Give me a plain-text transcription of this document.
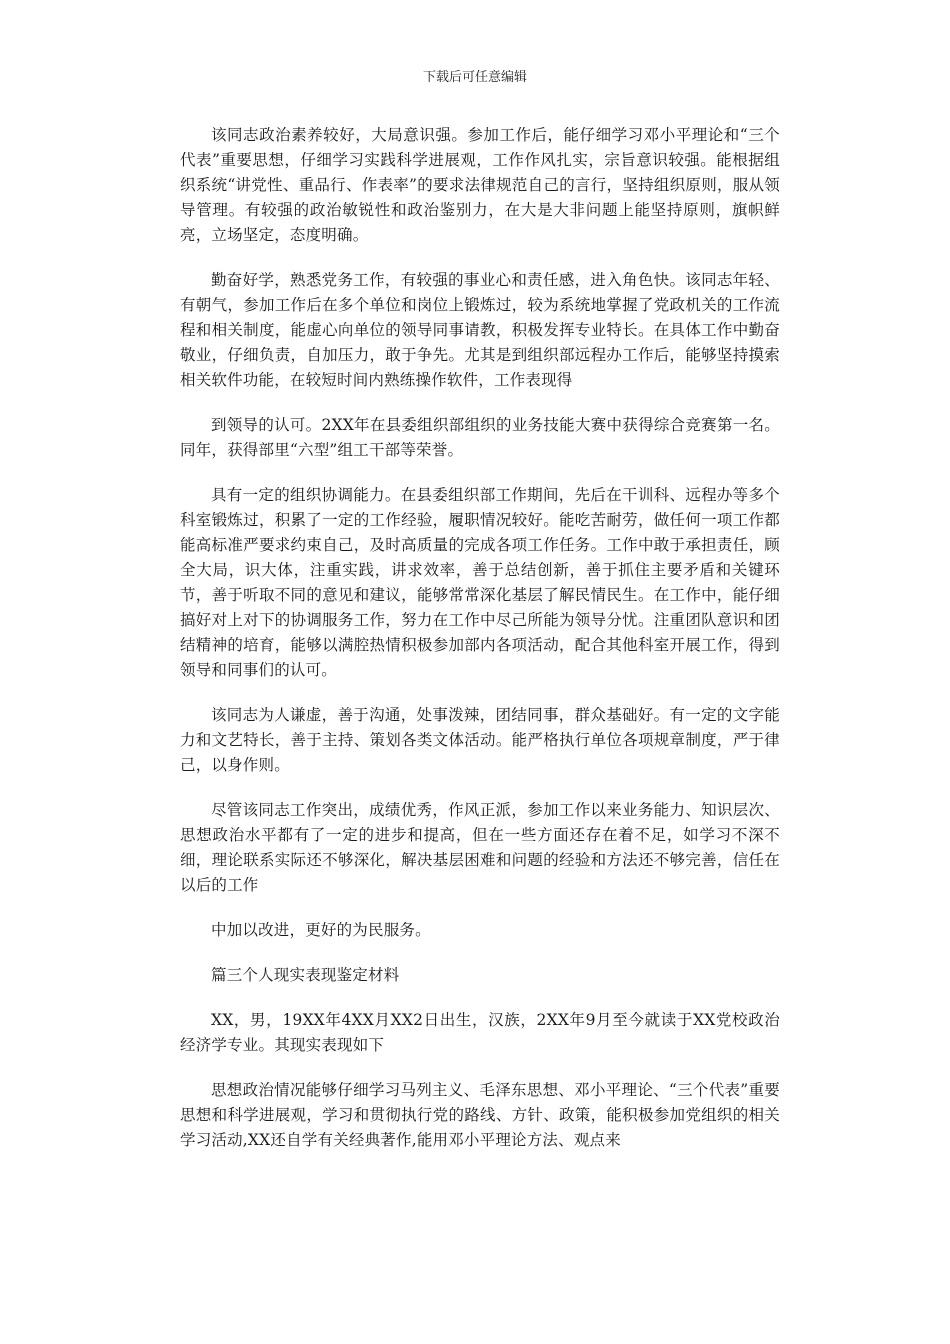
下载后可任意编辑

该同志政治素养较好，大局意识强。参加工作后，能仔细学习邓小平理论和“三个代表”重要思想，仔细学习实践科学进展观，工作作风扎实，宗旨意识较强。能根据组织系统“讲党性、重品行、作表率”的要求法律规范自己的言行，坚持组织原则，服从领导管理。有较强的政治敏锐性和政治鉴别力，在大是大非问题上能坚持原则，旗帜鲜亮，立场坚定，态度明确。

勤奋好学，熟悉党务工作，有较强的事业心和责任感，进入角色快。该同志年轻、有朝气，参加工作后在多个单位和岗位上锻炼过，较为系统地掌握了党政机关的工作流程和相关制度，能虚心向单位的领导同事请教，积极发挥专业特长。在具体工作中勤奋敬业，仔细负责，自加压力，敢于争先。尤其是到组织部远程办工作后，能够坚持摸索相关软件功能，在较短时间内熟练操作软件，工作表现得

到领导的认可。2XX年在县委组织部组织的业务技能大赛中获得综合竞赛第一名。同年，获得部里“六型”组工干部等荣誉。

具有一定的组织协调能力。在县委组织部工作期间，先后在干训科、远程办等多个科室锻炼过，积累了一定的工作经验，履职情况较好。能吃苦耐劳，做任何一项工作都能高标准严要求约束自己，及时高质量的完成各项工作任务。工作中敢于承担责任，顾全大局，识大体，注重实践，讲求效率，善于总结创新，善于抓住主要矛盾和关键环节，善于听取不同的意见和建议，能够常常深化基层了解民情民生。在工作中，能仔细搞好对上对下的协调服务工作，努力在工作中尽己所能为领导分忧。注重团队意识和团结精神的培育，能够以满腔热情积极参加部内各项活动，配合其他科室开展工作，得到领导和同事们的认可。

该同志为人谦虚，善于沟通，处事泼辣，团结同事，群众基础好。有一定的文字能力和文艺特长，善于主持、策划各类文体活动。能严格执行单位各项规章制度，严于律己，以身作则。

尽管该同志工作突出，成绩优秀，作风正派，参加工作以来业务能力、知识层次、思想政治水平都有了一定的进步和提高，但在一些方面还存在着不足，如学习不深不细，理论联系实际还不够深化，解决基层困难和问题的经验和方法还不够完善，信任在以后的工作

中加以改进，更好的为民服务。

篇三个人现实表现鉴定材料

XX，男，19XX年4XX月XX2日出生，汉族，2XX年9月至今就读于XX党校政治经济学专业。其现实表现如下

思想政治情况能够仔细学习马列主义、毛泽东思想、邓小平理论、“三个代表”重要思想和科学进展观，学习和贯彻执行党的路线、方针、政策，能积极参加党组织的相关学习活动,XX还自学有关经典著作,能用邓小平理论方法、观点来
